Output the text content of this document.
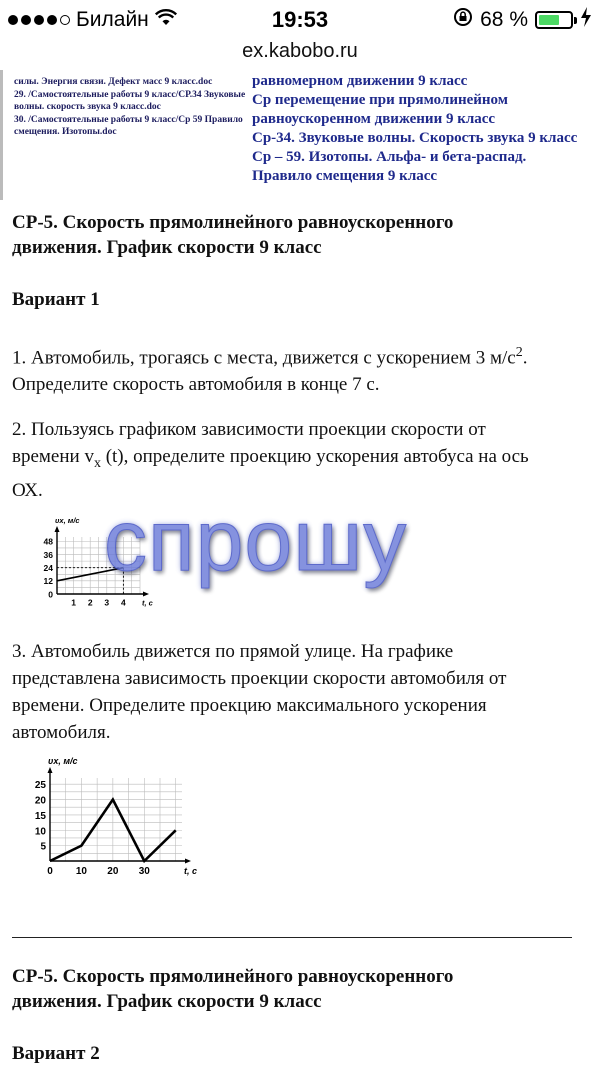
Билайн	19:53	68 %
ex.kabobo.ru
силы. Энергия связи. Дефект масс 9 класс.doc
29. /Самостоятельные работы 9 класс/СР.34 Звуковые
волны. скорость звука 9 класс.doc
30. /Самостоятельные работы 9 класс/Ср 59 Правило
смещения. Изотопы.doc
равномерном движении 9 класс
Ср перемещение при прямолинейном
равноускоренном движении 9 класс
Ср-34. Звуковые волны. Скорость звука 9 класс
Ср – 59. Изотопы. Альфа- и бета-распад.
Правило смещения 9 класс
СР-5. Скорость прямолинейного равноускоренного
движения. График скорости 9 класс
Вариант 1
1. Автомобиль, трогаясь с места, движется с ускорением 3 $м/с^2$.
Определите скорость автомобиля в конце 7 с.
2. Пользуясь графиком зависимости проекции скорости от
времени $v_x$ (t), определите проекцию ускорения автобуса на ось
ОХ.
1 2 3 4
0
12
24
36
48
υx, м/с
t, с
спрошу
3. Автомобиль движется по прямой улице. На графике
представлена зависимость проекции скорости автомобиля от
времени. Определите проекцию максимального ускорения
автомобиля.
0 10 20 30
5
10
15
20
25
υx, м/с
t, с
СР-5. Скорость прямолинейного равноускоренного
движения. График скорости 9 класс
Вариант 2
